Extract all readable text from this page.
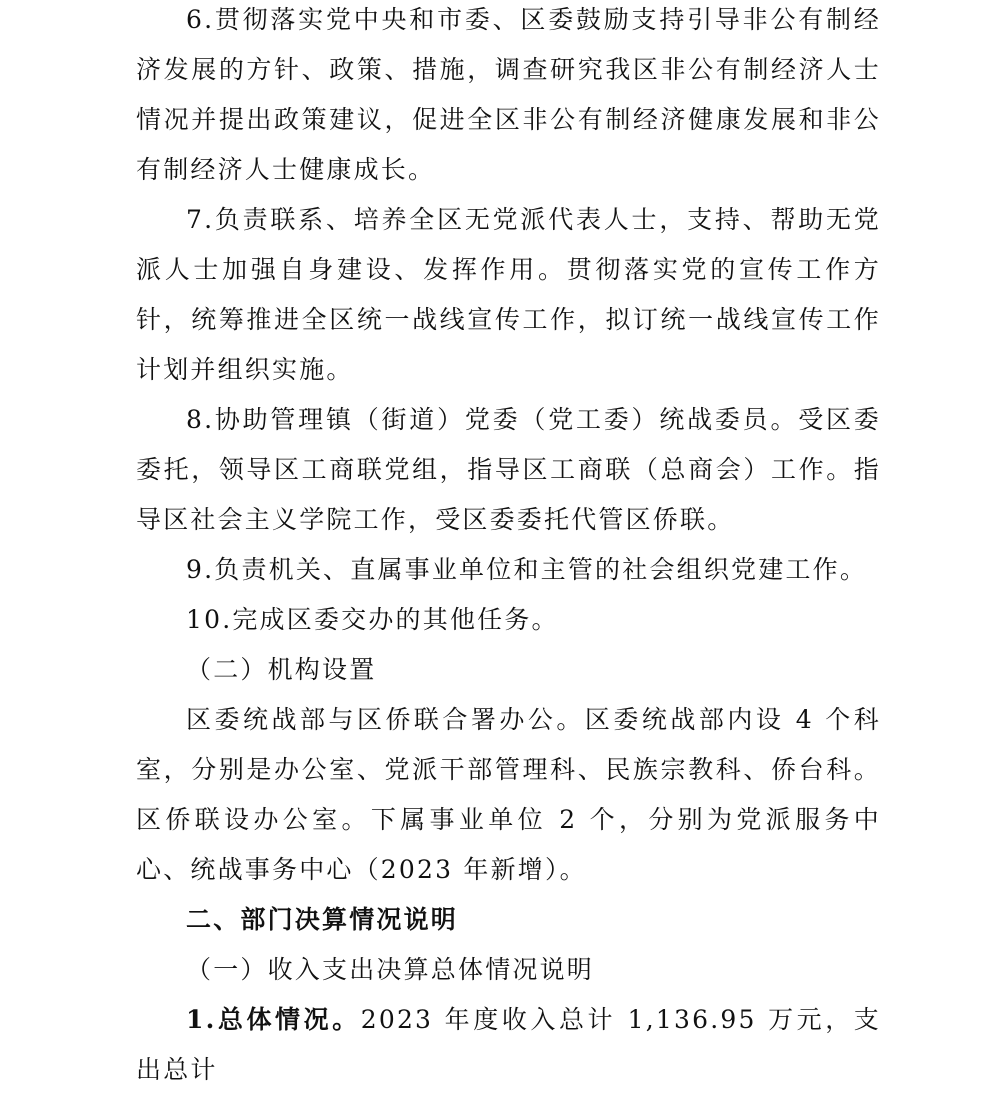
6.贯彻落实党中央和市委、区委鼓励支持引导非公有制经济发展的方针、政策、措施，调查研究我区非公有制经济人士情况并提出政策建议，促进全区非公有制经济健康发展和非公有制经济人士健康成长。

7.负责联系、培养全区无党派代表人士，支持、帮助无党派人士加强自身建设、发挥作用。贯彻落实党的宣传工作方针，统筹推进全区统一战线宣传工作，拟订统一战线宣传工作计划并组织实施。

8.协助管理镇（街道）党委（党工委）统战委员。受区委委托，领导区工商联党组，指导区工商联（总商会）工作。指导区社会主义学院工作，受区委委托代管区侨联。

9.负责机关、直属事业单位和主管的社会组织党建工作。

10.完成区委交办的其他任务。

（二）机构设置

区委统战部与区侨联合署办公。区委统战部内设 4 个科室，分别是办公室、党派干部管理科、民族宗教科、侨台科。区侨联设办公室。下属事业单位 2 个，分别为党派服务中心、统战事务中心（2023 年新增）。

二、部门决算情况说明

（一）收入支出决算总体情况说明

1.总体情况。2023 年度收入总计 1,136.95 万元，支出总计
